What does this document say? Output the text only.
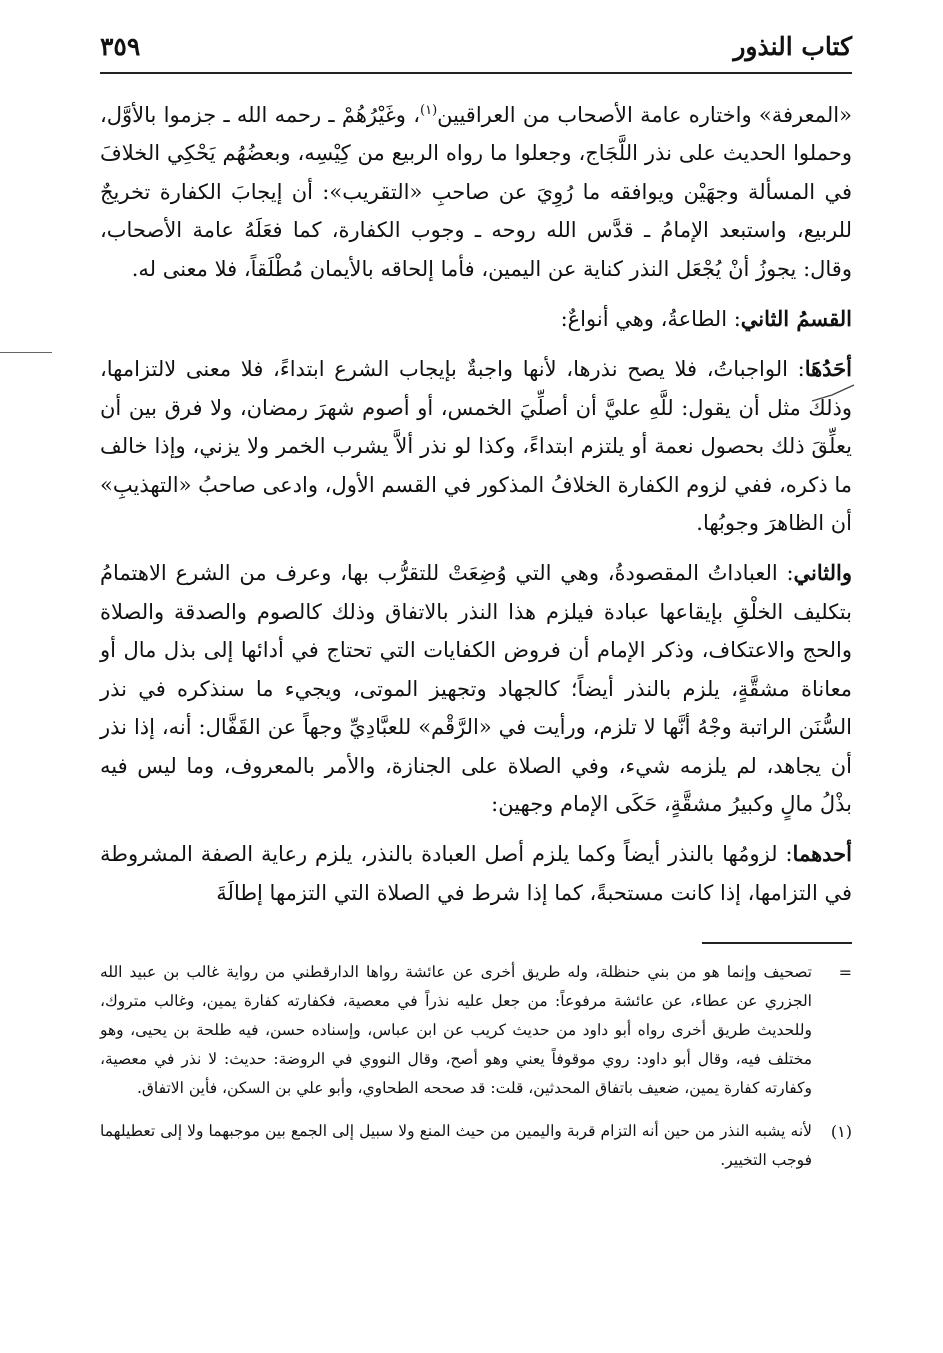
كتاب النذور
٣٥٩

«المعرفة» واختاره عامة الأصحاب من العراقيين$^{(١)}$، وغَيْرُهُمْ ـ رحمه الله ـ جزموا بالأوَّل، وحملوا الحديث على نذر اللَّجَاج، وجعلوا ما رواه الربيع من كِيْسِه، وبعضُهُم يَحْكِي الخلافَ في المسألة وجهَيْن ويوافقه ما رُوِيَ عن صاحبِ «التقريب»: أن إيجابَ الكفارة تخريجٌ للربيع، واستبعد الإمامُ ـ قدَّس الله روحه ـ وجوب الكفارة، كما فعَلَهُ عامة الأصحاب، وقال: يجوزُ أنْ يُجْعَل النذر كناية عن اليمين، فأما إلحاقه بالأيمان مُطْلَقاً، فلا معنى له.

القسمُ الثاني: الطاعةُ، وهي أنواعٌ:

أحَدُهَا: الواجباتُ، فلا يصح نذرها، لأنها واجبةٌ بإيجاب الشرع ابتداءً، فلا معنى لالتزامها، وذلك مثل أن يقول: للَّهِ عليَّ أن أصلِّيَ الخمس، أو أصوم شهرَ رمضان، ولا فرق بين أن يعلِّقَ ذلك بحصول نعمة أو يلتزم ابتداءً، وكذا لو نذر ألاَّ يشرب الخمر ولا يزني، وإذا خالف ما ذكره، ففي لزوم الكفارة الخلافُ المذكور في القسم الأول، وادعى صاحبُ «التهذيبِ» أن الظاهرَ وجوبُها.

والثاني: العباداتُ المقصودةُ، وهي التي وُضِعَتْ للتقرُّب بها، وعرف من الشرع الاهتمامُ بتكليف الخلْقِ بإيقاعها عبادة فيلزم هذا النذر بالاتفاق وذلك كالصوم والصدقة والصلاة والحج والاعتكاف، وذكر الإمام أن فروض الكفايات التي تحتاج في أدائها إلى بذل مال أو معاناة مشقَّةٍ، يلزم بالنذر أيضاً؛ كالجهاد وتجهيز الموتى، ويجيء ما سنذكره في نذر السُّنَن الراتبة وجْهُ أنَّها لا تلزم، ورأيت في «الرَّقْم» للعبَّادِيِّ وجهاً عن القَفَّال: أنه، إذا نذر أن يجاهد، لم يلزمه شيء، وفي الصلاة على الجنازة، والأمر بالمعروف، وما ليس فيه بذْلُ مالٍ وكبيرُ مشقَّةٍ، حَكَى الإمام وجهين:

أحدهما: لزومُها بالنذر أيضاً وكما يلزم أصل العبادة بالنذر، يلزم رعاية الصفة المشروطة في التزامها، إذا كانت مستحبةً، كما إذا شرط في الصلاة التي التزمها إطالَةَ

=
تصحيف وإنما هو من بني حنظلة، وله طريق أخرى عن عائشة رواها الدارقطني من رواية غالب بن عبيد الله الجزري عن عطاء، عن عائشة مرفوعاً: من جعل عليه نذراً في معصية، فكفارته كفارة يمين، وغالب متروك، وللحديث طريق أخرى رواه أبو داود من حديث كريب عن ابن عباس، وإسناده حسن، فيه طلحة بن يحيى، وهو مختلف فيه، وقال أبو داود: روي موقوفاً يعني وهو أصح، وقال النووي في الروضة: حديث: لا نذر في معصية، وكفارته كفارة يمين، ضعيف باتفاق المحدثين، قلت: قد صححه الطحاوي، وأبو علي بن السكن، فأين الاتفاق.

(١)
لأنه يشبه النذر من حين أنه التزام قربة واليمين من حيث المنع ولا سبيل إلى الجمع بين موجبهما ولا إلى تعطيلهما فوجب التخيير.
